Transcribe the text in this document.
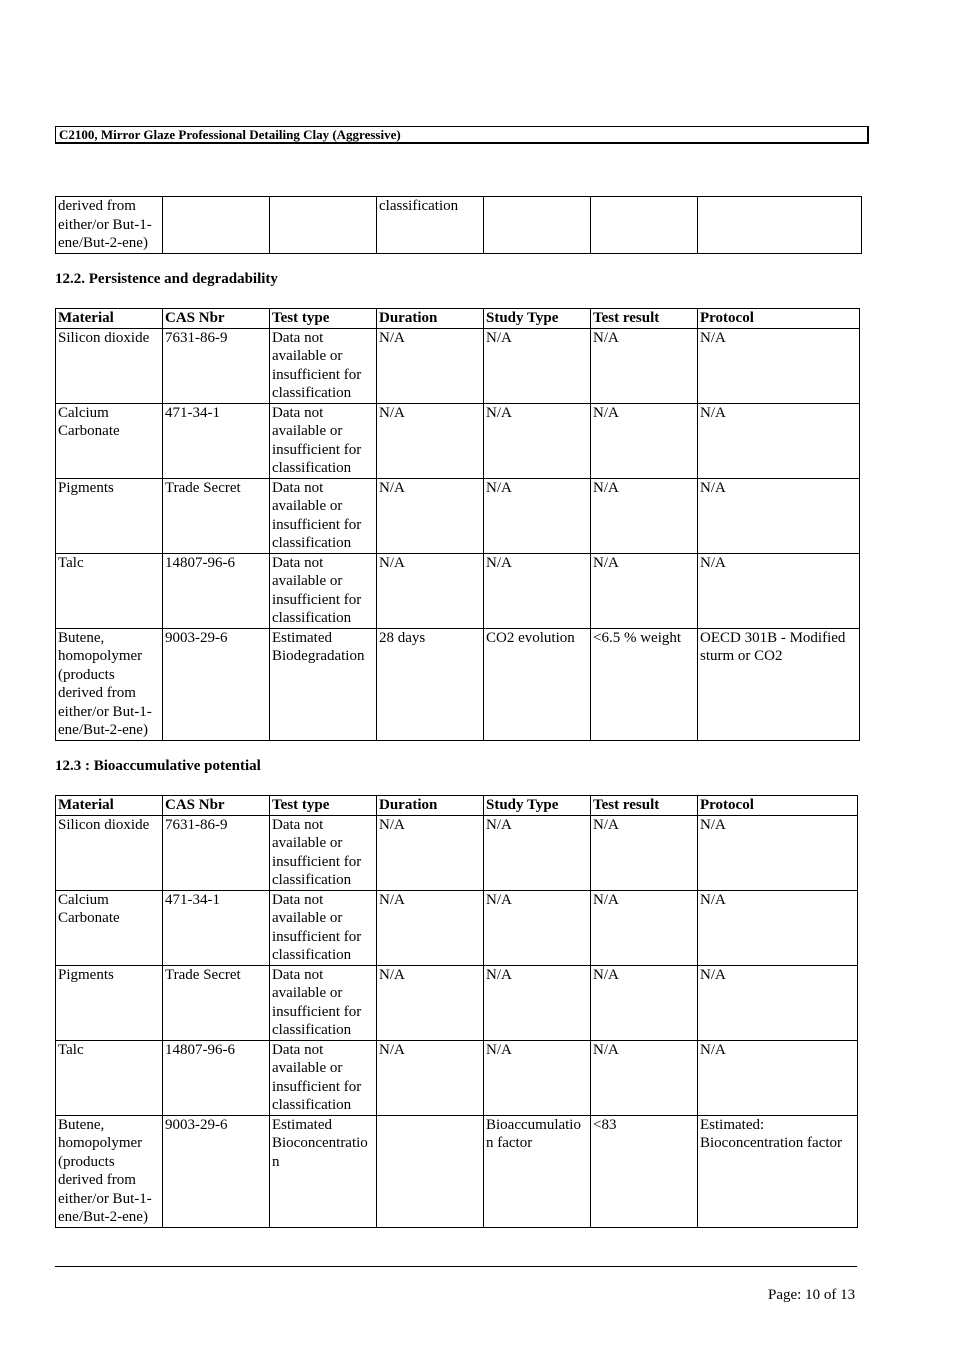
C2100, Mirror Glaze Professional Detailing Clay (Aggressive)
derived from either/or But-1-ene/But-2-ene)			classification			
12.2. Persistence and degradability
Material	CAS Nbr	Test type	Duration	Study Type	Test result	Protocol
Silicon dioxide	7631-86-9	Data not available or insufficient for classification	N/A	N/A	N/A	N/A
Calcium Carbonate	471-34-1	Data not available or insufficient for classification	N/A	N/A	N/A	N/A
Pigments	Trade Secret	Data not available or insufficient for classification	N/A	N/A	N/A	N/A
Talc	14807-96-6	Data not available or insufficient for classification	N/A	N/A	N/A	N/A
Butene, homopolymer (products derived from either/or But-1-ene/But-2-ene)	9003-29-6	Estimated Biodegradation	28 days	CO2 evolution	<6.5 % weight	OECD 301B - Modified sturm or CO2
12.3 : Bioaccumulative potential
Material	CAS Nbr	Test type	Duration	Study Type	Test result	Protocol
Silicon dioxide	7631-86-9	Data not available or insufficient for classification	N/A	N/A	N/A	N/A
Calcium Carbonate	471-34-1	Data not available or insufficient for classification	N/A	N/A	N/A	N/A
Pigments	Trade Secret	Data not available or insufficient for classification	N/A	N/A	N/A	N/A
Talc	14807-96-6	Data not available or insufficient for classification	N/A	N/A	N/A	N/A
Butene, homopolymer (products derived from either/or But-1-ene/But-2-ene)	9003-29-6	Estimated Bioconcentration		Bioaccumulation factor	<83	Estimated: Bioconcentration factor
Page: 10 of 13
